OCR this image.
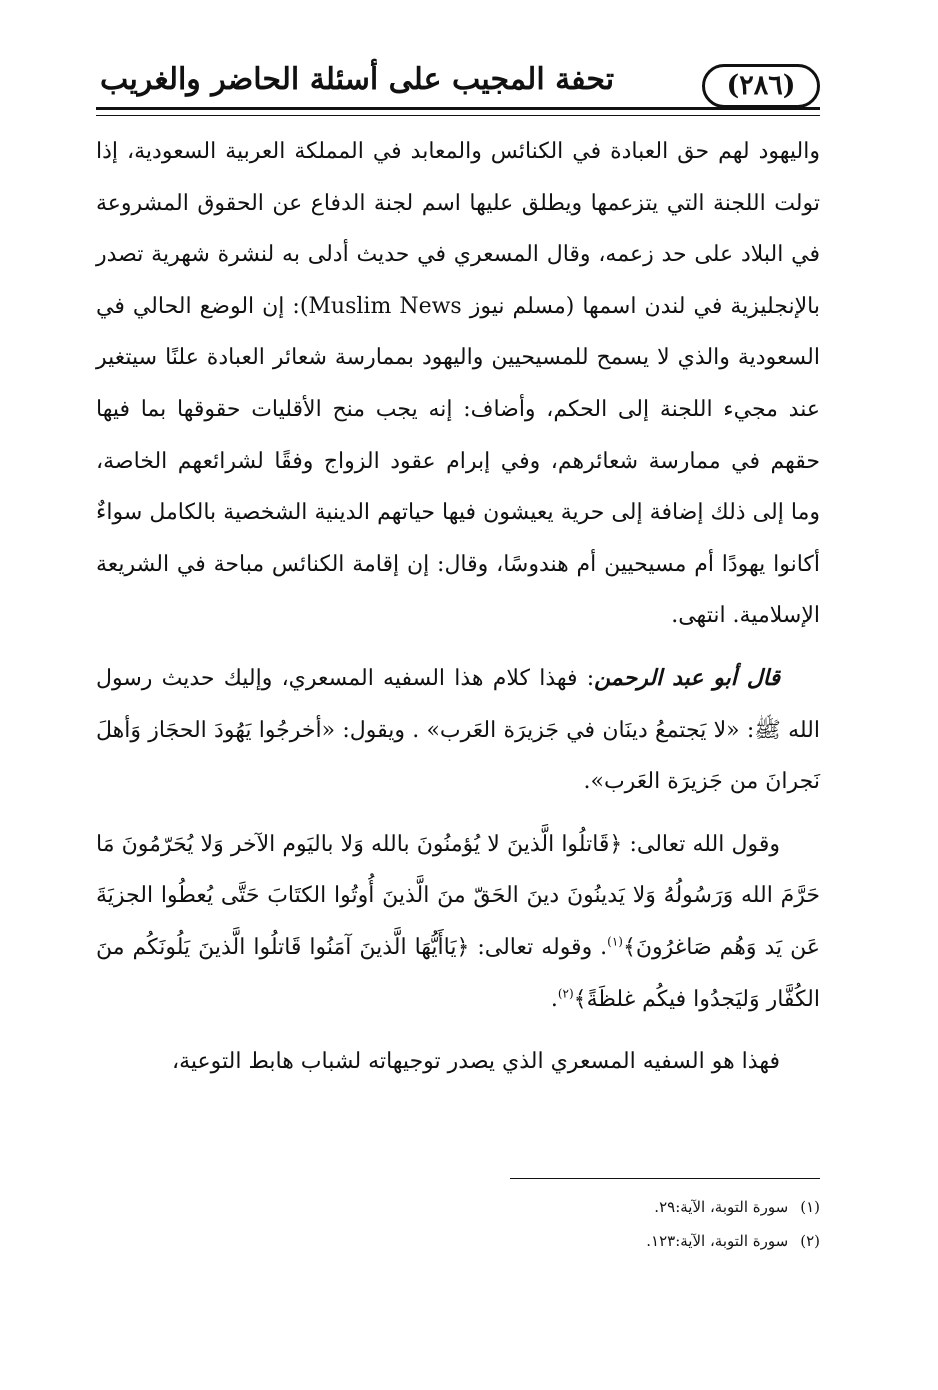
تحفة المجيب على أسئلة الحاضر والغريب	(٢٨٦)

واليهود لهم حق العبادة في الكنائس والمعابد في المملكة العربية السعودية، إذا تولت اللجنة التي يتزعمها ويطلق عليها اسم لجنة الدفاع عن الحقوق المشروعة في البلاد على حد زعمه، وقال المسعري في حديث أدلى به لنشرة شهرية تصدر بالإنجليزية في لندن اسمها (مسلم نيوز Muslim News): إن الوضع الحالي في السعودية والذي لا يسمح للمسيحيين واليهود بممارسة شعائر العبادة علنًا سيتغير عند مجيء اللجنة إلى الحكم، وأضاف: إنه يجب منح الأقليات حقوقها بما فيها حقهم في ممارسة شعائرهم، وفي إبرام عقود الزواج وفقًا لشرائعهم الخاصة، وما إلى ذلك إضافة إلى حرية يعيشون فيها حياتهم الدينية الشخصية بالكامل سواءٌ أكانوا يهودًا أم مسيحيين أم هندوسًا، وقال: إن إقامة الكنائس مباحة في الشريعة الإسلامية. انتهى.

قال أبو عبد الرحمن: فهذا كلام هذا السفيه المسعري، وإليك حديث رسول الله ﷺ: «لا يَجتمعُ دينَان في جَزيرَة العَرب» . ويقول: «أخرجُوا يَهُودَ الحجَاز وَأهلَ نَجرانَ من جَزيرَة العَرب».

وقول الله تعالى: ﴿قَاتلُوا الَّذينَ لا يُؤمنُونَ بالله وَلا باليَوم الآخر وَلا يُحَرّمُونَ مَا حَرَّمَ الله وَرَسُولُهُ وَلا يَدينُونَ دينَ الحَقّ منَ الَّذينَ أُوتُوا الكتَابَ حَتَّى يُعطُوا الجزيَةَ عَن يَد وَهُم صَاغرُونَ﴾$^{(١)}$. وقوله تعالى: ﴿يَاأَيُّهَا الَّذينَ آمَنُوا قَاتلُوا الَّذينَ يَلُونَكُم منَ الكُفَّار وَليَجدُوا فيكُم غلظَةً﴾$^{(٢)}$.

فهذا هو السفيه المسعري الذي يصدر توجيهاته لشباب هابط التوعية،

(١)سورة التوبة، الآية:٢٩.
(٢)سورة التوبة، الآية:١٢٣.
